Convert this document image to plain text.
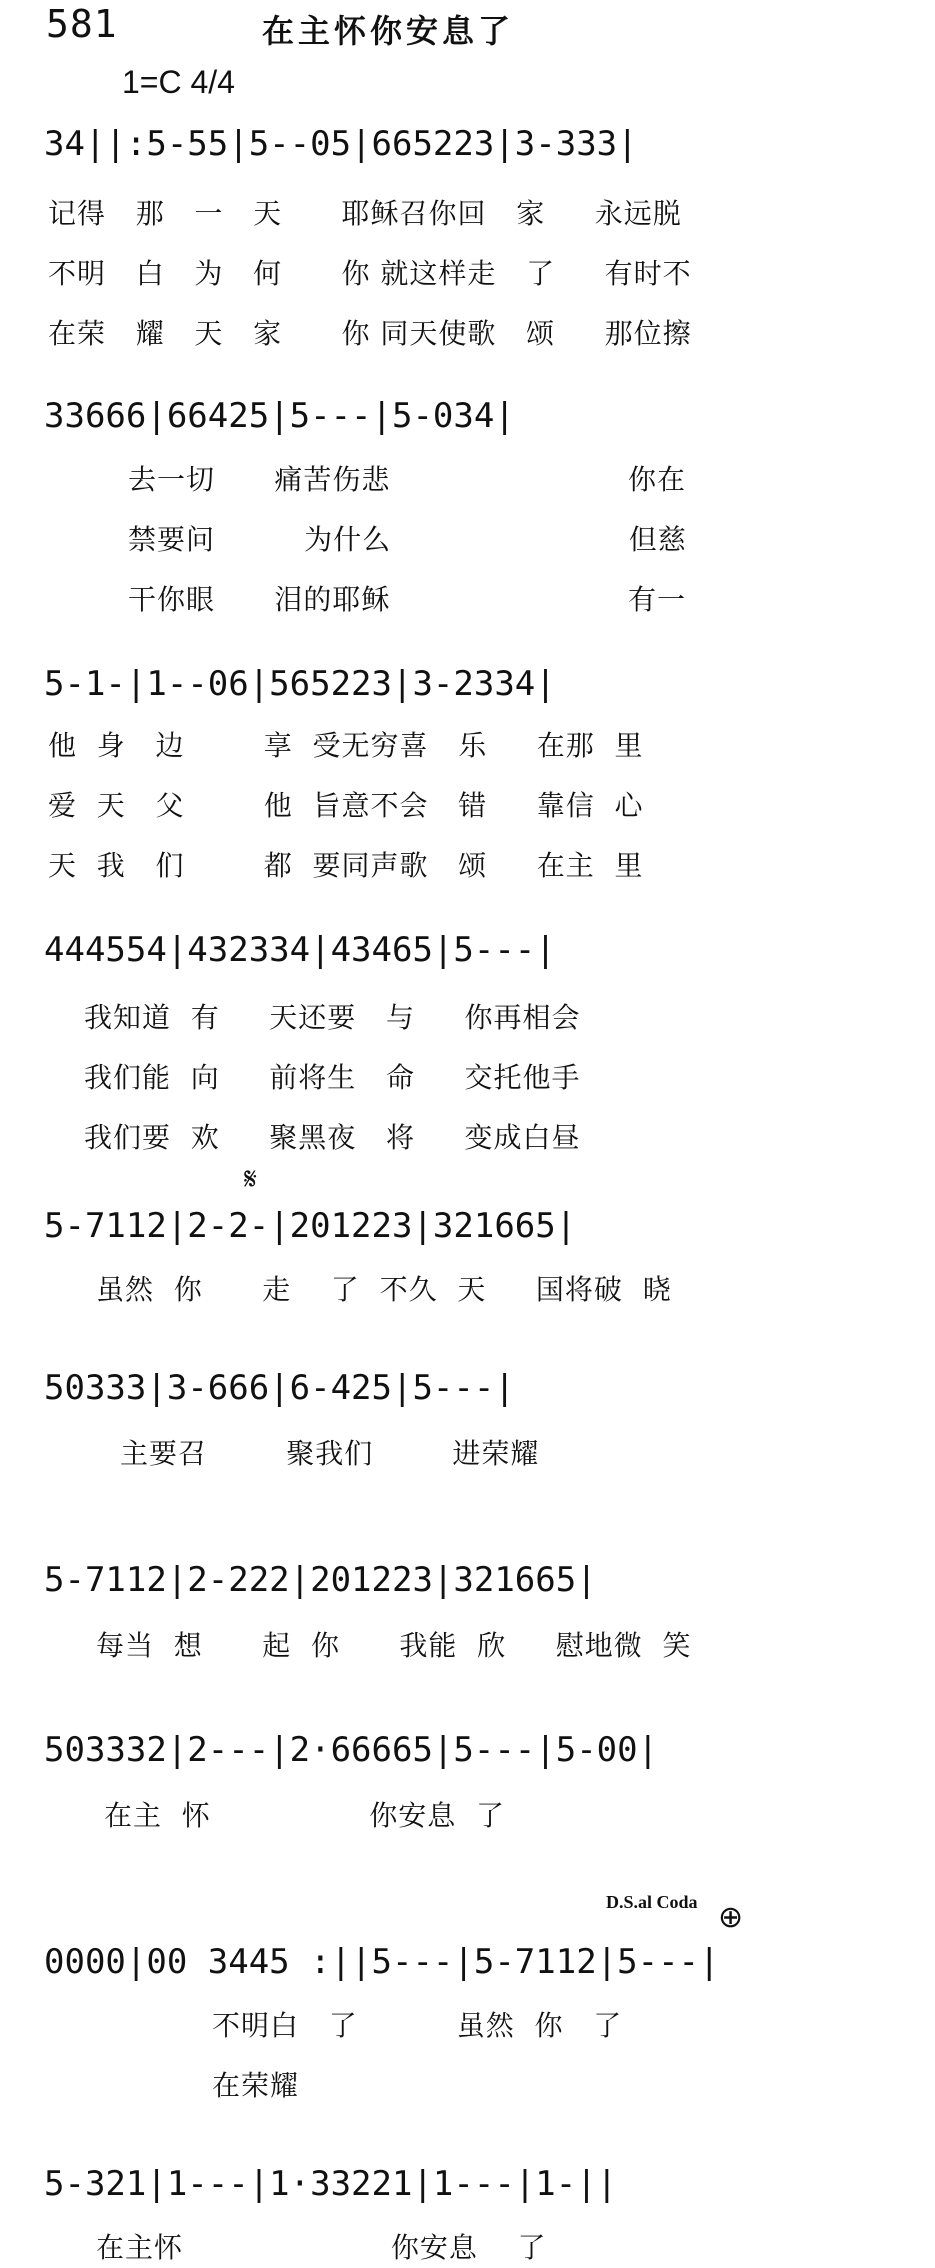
581	在主怀你安息了
1=C 4/4
34||:5-55|5--05|665223|3-333|
记得   那   一   天      耶稣召你回   家     永远脱
不明   白   为   何      你 就这样走   了     有时不
在荣   耀   天   家      你 同天使歌   颂     那位擦
33666|66425|5---|5-034|
去一切      痛苦伤悲                        你在
禁要问         为什么                        但慈
干你眼      泪的耶稣                        有一
5-1-|1--06|565223|3-2334|
他  身   边        享  受无穷喜   乐     在那  里
爱  天   父        他  旨意不会   错     靠信  心
天  我   们        都  要同声歌   颂     在主  里
444554|432334|43465|5---|
我知道  有     天还要   与     你再相会
我们能  向     前将生   命     交托他手
我们要  欢     聚黑夜   将     变成白昼
𝄋
5-7112|2-2-|201223|321665|
虽然  你      走    了  不久  天     国将破  晓
50333|3-666|6-425|5---|
主要召        聚我们        进荣耀
5-7112|2-222|201223|321665|
每当  想      起  你      我能  欣     慰地微  笑
503332|2---|2·66665|5---|5-00|
在主  怀                你安息  了
D.S.al Coda ⊕
0000|00 3445 :||5---|5-7112|5---|
不明白   了          虽然  你   了
在荣耀
5-321|1---|1·33221|1---|1-||
在主怀                     你安息    了
